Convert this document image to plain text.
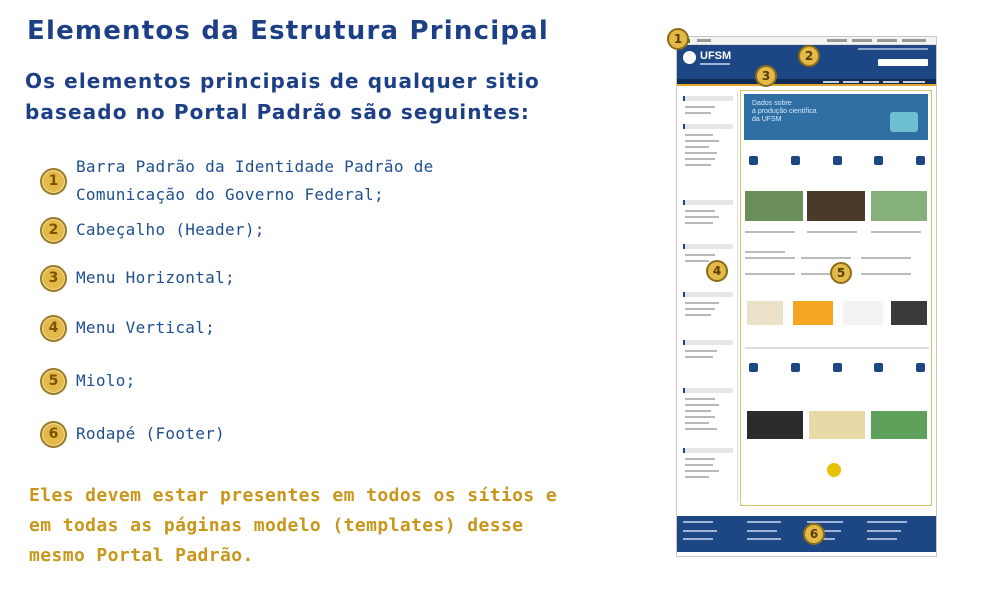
Elementos da Estrutura Principal
Os elementos principais de qualquer sitio
baseado no Portal Padrão são seguintes:
1
Barra Padrão da Identidade Padrão de
Comunicação do Governo Federal;
2	Cabeçalho (Header);
3	Menu Horizontal;
4	Menu Vertical;
5	Miolo;
6	Rodapé (Footer)
Eles devem estar presentes em todos os sítios e
em todas as páginas modelo (templates) desse
mesmo Portal Padrão.
UFSM
Dados sobre
a produção científica
da UFSM
1
2
3
4	5
6
